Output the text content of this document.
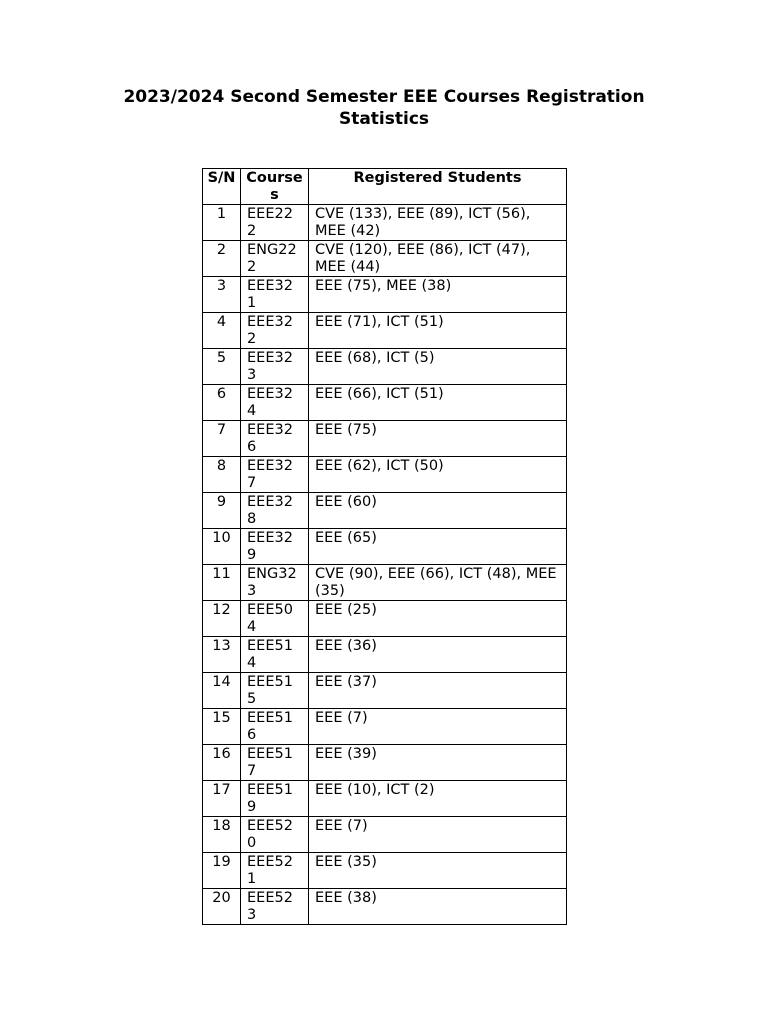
2023/2024 Second Semester EEE Courses Registration Statistics
S/N	Courses	Registered Students
1	EEE222	CVE (133), EEE (89), ICT (56), MEE (42)
2	ENG222	CVE (120), EEE (86), ICT (47), MEE (44)
3	EEE321	EEE (75), MEE (38)
4	EEE322	EEE (71), ICT (51)
5	EEE323	EEE (68), ICT (5)
6	EEE324	EEE (66), ICT (51)
7	EEE326	EEE (75)
8	EEE327	EEE (62), ICT (50)
9	EEE328	EEE (60)
10	EEE329	EEE (65)
11	ENG323	CVE (90), EEE (66), ICT (48), MEE (35)
12	EEE504	EEE (25)
13	EEE514	EEE (36)
14	EEE515	EEE (37)
15	EEE516	EEE (7)
16	EEE517	EEE (39)
17	EEE519	EEE (10), ICT (2)
18	EEE520	EEE (7)
19	EEE521	EEE (35)
20	EEE523	EEE (38)
